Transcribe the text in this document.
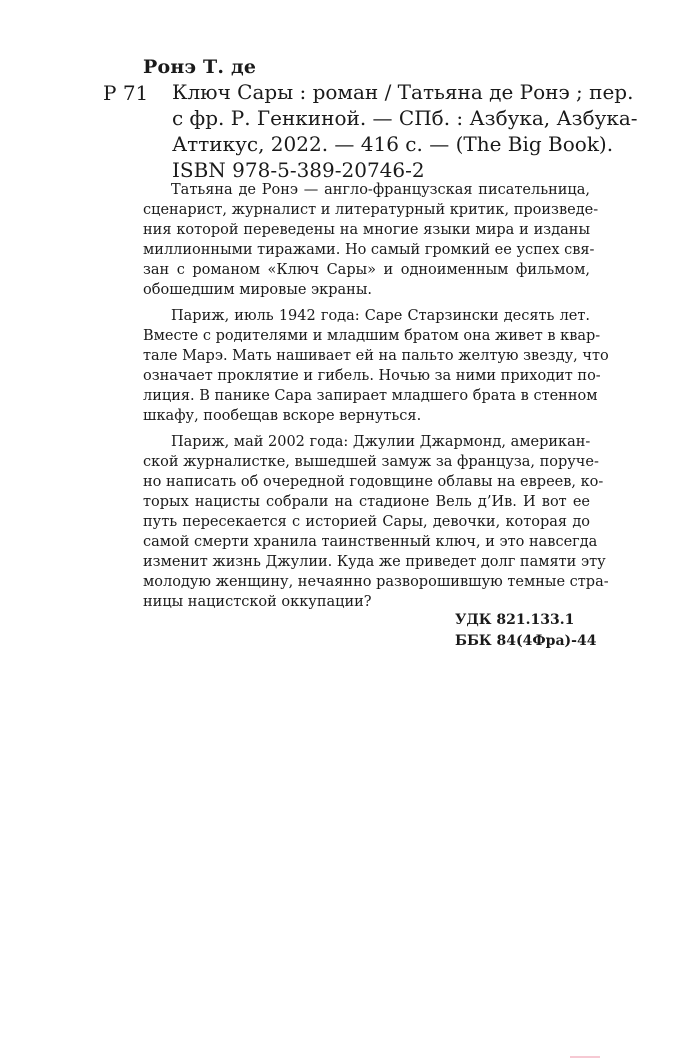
Ронэ Т. де
Р 71 Ключ Сары : роман / Татьяна де Ронэ ; пер.
с фр. Р. Генкиной. — СПб. : Азбука, Азбука-
Аттикус, 2022. — 416 с. — (The Big Book).
ISBN 978-5-389-20746-2
Татьяна де Ронэ — англо-французская писательница,
сценарист, журналист и литературный критик, произведе-
ния которой переведены на многие языки мира и изданы
миллионными тиражами. Но самый громкий ее успех свя-
зан с романом «Ключ Сары» и одноименным фильмом,
обошедшим мировые экраны.
Париж, июль 1942 года: Саре Старзински десять лет.
Вместе с родителями и младшим братом она живет в квар-
тале Марэ. Мать нашивает ей на пальто желтую звезду, что
означает проклятие и гибель. Ночью за ними приходит по-
лиция. В панике Сара запирает младшего брата в стенном
шкафу, пообещав вскоре вернуться.
Париж, май 2002 года: Джулии Джармонд, американ-
ской журналистке, вышедшей замуж за француза, поруче-
но написать об очередной годовщине облавы на евреев, ко-
торых нацисты собрали на стадионе Вель д’Ив. И вот ее
путь пересекается с историей Сары, девочки, которая до
самой смерти хранила таинственный ключ, и это навсегда
изменит жизнь Джулии. Куда же приведет долг памяти эту
молодую женщину, нечаянно разворошившую темные стра-
ницы нацистской оккупации?
УДК 821.133.1
ББК 84(4Фра)-44
